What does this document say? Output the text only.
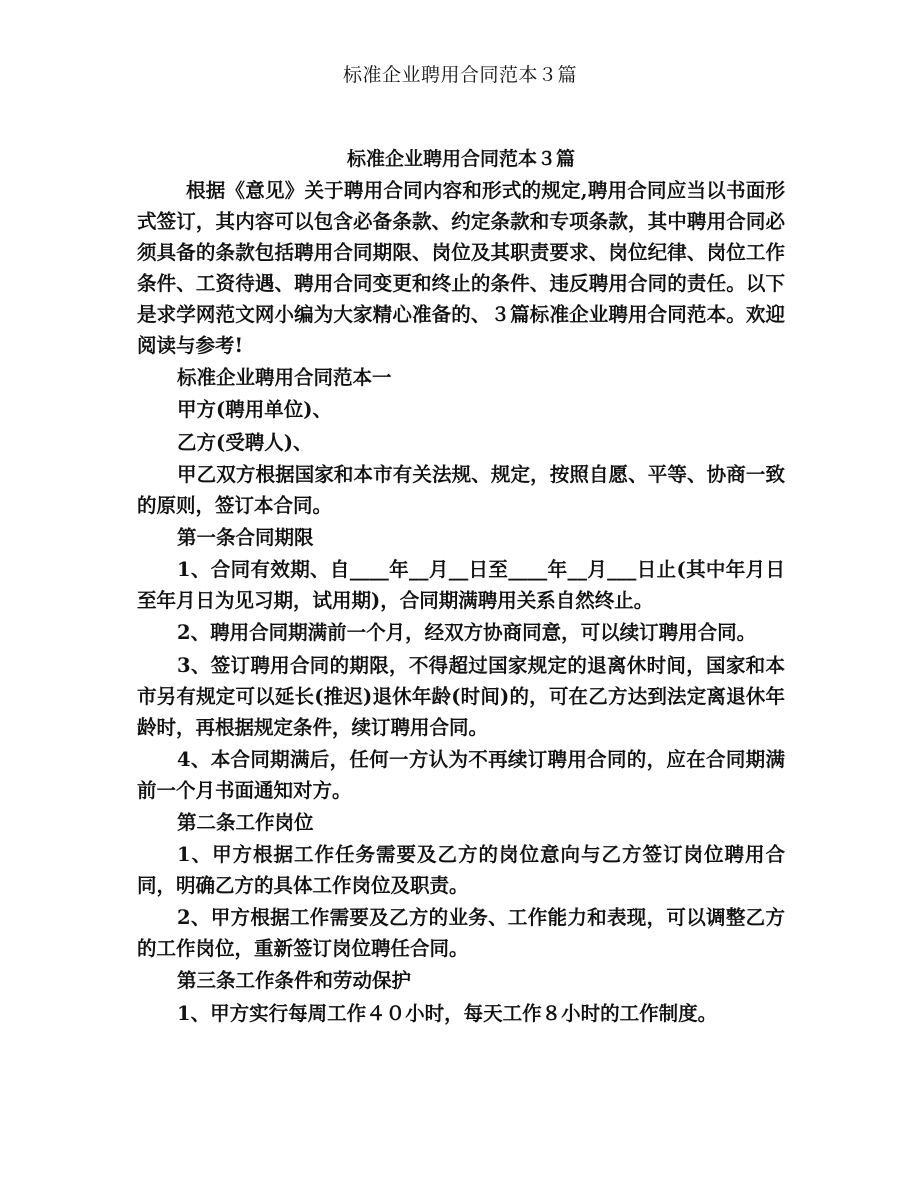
标准企业聘用合同范本３篇

标准企业聘用合同范本３篇

根据《意见》关于聘用合同内容和形式的规定,聘用合同应当以书面形式签订，其内容可以包含必备条款、约定条款和专项条款，其中聘用合同必须具备的条款包括聘用合同期限、岗位及其职责要求、岗位纪律、岗位工作条件、工资待遇、聘用合同变更和终止的条件、违反聘用合同的责任。以下是求学网范文网小编为大家精心准备的、３篇标准企业聘用合同范本。欢迎阅读与参考!

标准企业聘用合同范本一

甲方(聘用单位)、

乙方(受聘人)、

甲乙双方根据国家和本市有关法规、规定，按照自愿、平等、协商一致的原则，签订本合同。

第一条合同期限

1、合同有效期、自____年__月__日至____年__月___日止(其中年月日至年月日为见习期，试用期)，合同期满聘用关系自然终止。

2、聘用合同期满前一个月，经双方协商同意，可以续订聘用合同。

3、签订聘用合同的期限，不得超过国家规定的退离休时间，国家和本市另有规定可以延长(推迟)退休年龄(时间)的，可在乙方达到法定离退休年龄时，再根据规定条件，续订聘用合同。

4、本合同期满后，任何一方认为不再续订聘用合同的，应在合同期满前一个月书面通知对方。

第二条工作岗位

1、甲方根据工作任务需要及乙方的岗位意向与乙方签订岗位聘用合同，明确乙方的具体工作岗位及职责。

2、甲方根据工作需要及乙方的业务、工作能力和表现，可以调整乙方的工作岗位，重新签订岗位聘任合同。

第三条工作条件和劳动保护

1、甲方实行每周工作４０小时，每天工作８小时的工作制度。
